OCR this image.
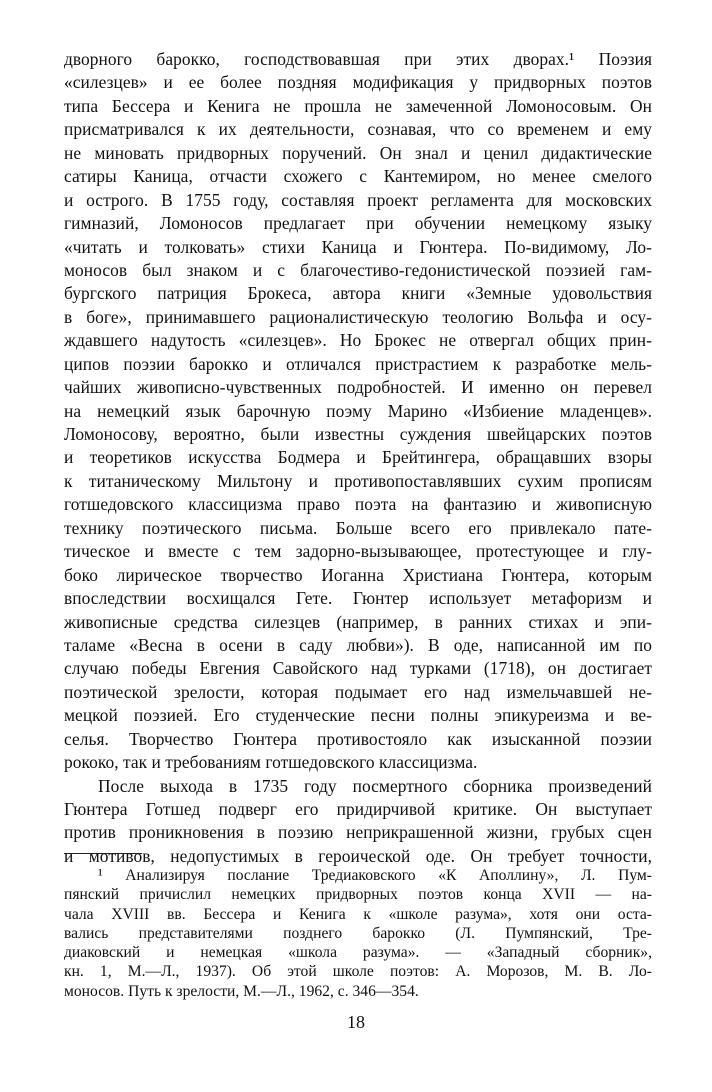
дворного барокко, господствовавшая при этих дворах.¹ Поэзия
«силезцев» и ее более поздняя модификация у придворных поэтов
типа Бессера и Кенига не прошла не замеченной Ломоносовым. Он
присматривался к их деятельности, сознавая, что со временем и ему
не миновать придворных поручений. Он знал и ценил дидактические
сатиры Каница, отчасти схожего с Кантемиром, но менее смелого
и острого. В 1755 году, составляя проект регламента для московских
гимназий, Ломоносов предлагает при обучении немецкому языку
«читать и толковать» стихи Каница и Гюнтера. По-видимому, Ло-
моносов был знаком и с благочестиво-гедонистической поэзией гам-
бургского патриция Брокеса, автора книги «Земные удовольствия
в боге», принимавшего рационалистическую теологию Вольфа и осу-
ждавшего надутость «силезцев». Но Брокес не отвергал общих прин-
ципов поэзии барокко и отличался пристрастием к разработке мель-
чайших живописно-чувственных подробностей. И именно он перевел
на немецкий язык барочную поэму Марино «Избиение младенцев».
Ломоносову, вероятно, были известны суждения швейцарских поэтов
и теоретиков искусства Бодмера и Брейтингера, обращавших взоры
к титаническому Мильтону и противопоставлявших сухим прописям
готшедовского классицизма право поэта на фантазию и живописную
технику поэтического письма. Больше всего его привлекало пате-
тическое и вместе с тем задорно-вызывающее, протестующее и глу-
боко лирическое творчество Иоганна Христиана Гюнтера, которым
впоследствии восхищался Гете. Гюнтер использует метафоризм и
живописные средства силезцев (например, в ранних стихах и эпи-
таламе «Весна в осени в саду любви»). В оде, написанной им по
случаю победы Евгения Савойского над турками (1718), он достигает
поэтической зрелости, которая подымает его над измельчавшей не-
мецкой поэзией. Его студенческие песни полны эпикуреизма и ве-
селья. Творчество Гюнтера противостояло как изысканной поэзии
рококо, так и требованиям готшедовского классицизма.
После выхода в 1735 году посмертного сборника произведений
Гюнтера Готшед подверг его придирчивой критике. Он выступает
против проникновения в поэзию неприкрашенной жизни, грубых сцен
и мотивов, недопустимых в героической оде. Он требует точности,
¹ Анализируя послание Тредиаковского «К Аполлину», Л. Пум-
пянский причислил немецких придворных поэтов конца XVII — на-
чала XVIII вв. Бессера и Кенига к «школе разума», хотя они оста-
вались представителями позднего барокко (Л. Пумпянский, Тре-
диаковский и немецкая «школа разума». — «Западный сборник»,
кн. 1, М.—Л., 1937). Об этой школе поэтов: А. Морозов, М. В. Ло-
моносов. Путь к зрелости, М.—Л., 1962, с. 346—354.
18
